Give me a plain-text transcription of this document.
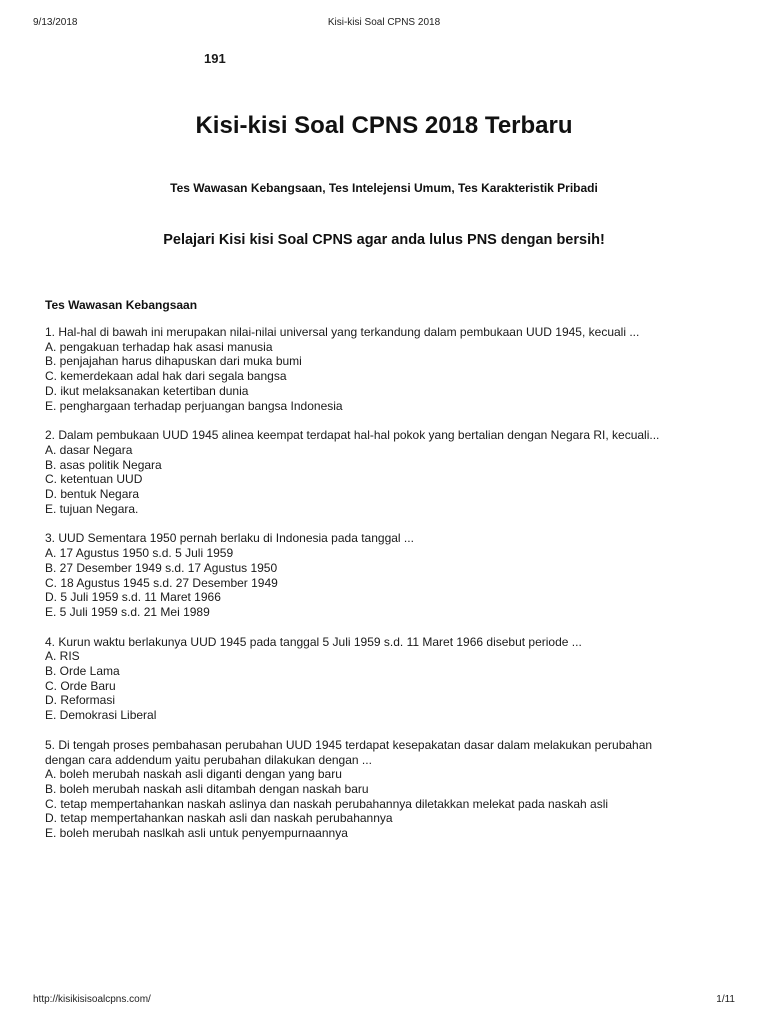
9/13/2018	Kisi-kisi Soal CPNS 2018
191
Kisi-kisi Soal CPNS 2018 Terbaru
Tes Wawasan Kebangsaan, Tes Intelejensi Umum, Tes Karakteristik Pribadi
Pelajari Kisi kisi Soal CPNS agar anda lulus PNS dengan bersih!
Tes Wawasan Kebangsaan
1. Hal-hal di bawah ini merupakan nilai-nilai universal yang terkandung dalam pembukaan UUD 1945, kecuali ...
A. pengakuan terhadap hak asasi manusia
B. penjajahan harus dihapuskan dari muka bumi
C. kemerdekaan adal hak dari segala bangsa
D. ikut melaksanakan ketertiban dunia
E. penghargaan terhadap perjuangan bangsa Indonesia
2. Dalam pembukaan UUD 1945 alinea keempat terdapat hal-hal pokok yang bertalian dengan Negara RI, kecuali...
A. dasar Negara
B. asas politik Negara
C. ketentuan UUD
D. bentuk Negara
E. tujuan Negara.
3. UUD Sementara 1950 pernah berlaku di Indonesia pada tanggal ...
A. 17 Agustus 1950 s.d. 5 Juli 1959
B. 27 Desember 1949 s.d. 17 Agustus 1950
C. 18 Agustus 1945 s.d. 27 Desember 1949
D. 5 Juli 1959 s.d. 11 Maret 1966
E. 5 Juli 1959 s.d. 21 Mei 1989
4. Kurun waktu berlakunya UUD 1945 pada tanggal 5 Juli 1959 s.d. 11 Maret 1966 disebut periode ...
A. RIS
B. Orde Lama
C. Orde Baru
D. Reformasi
E. Demokrasi Liberal
5. Di tengah proses pembahasan perubahan UUD 1945 terdapat kesepakatan dasar dalam melakukan perubahan
dengan cara addendum yaitu perubahan dilakukan dengan ...
A. boleh merubah naskah asli diganti dengan yang baru
B. boleh merubah naskah asli ditambah dengan naskah baru
C. tetap mempertahankan naskah aslinya dan naskah perubahannya diletakkan melekat pada naskah asli
D. tetap mempertahankan naskah asli dan naskah perubahannya
E. boleh merubah naslkah asli untuk penyempurnaannya
http://kisikisisoalcpns.com/	1/11
